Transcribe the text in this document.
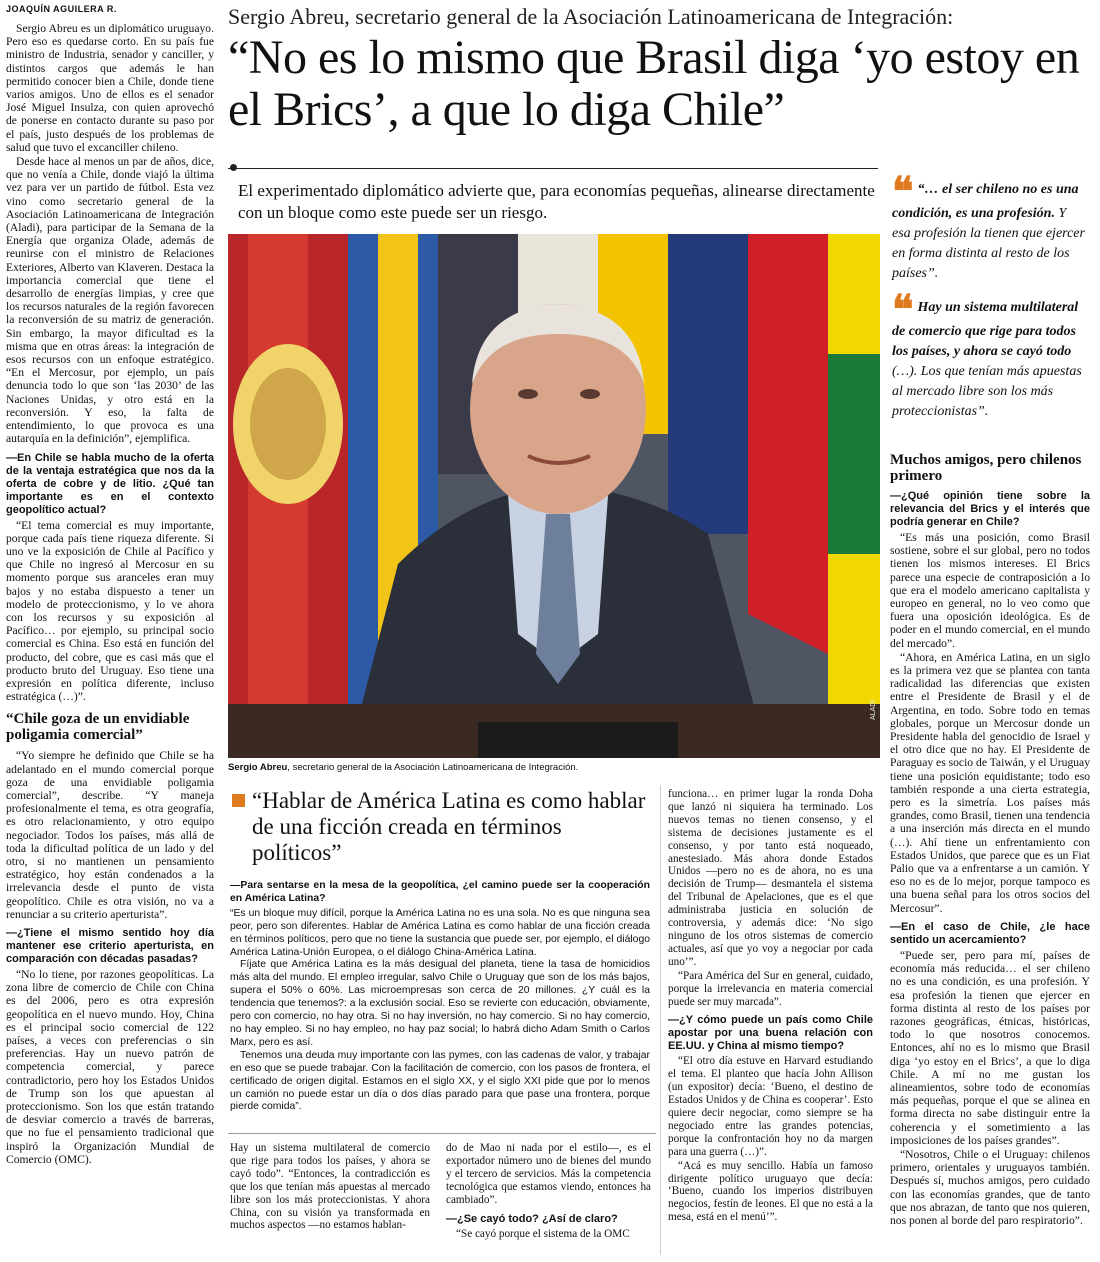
JOAQUÍN AGUILERA R.	Sergio Abreu, secretario general de la Asociación Latinoamericana de Integración:
“No es lo mismo que Brasil diga ‘yo estoy en el Brics’, a que lo diga Chile”
El experimentado diplomático advierte que, para economías pequeñas, alinearse directamente con un bloque como este puede ser un riesgo.

Sergio Abreu es un diplomático uruguayo. Pero eso es quedarse corto. En su país fue ministro de Industria, senador y canciller, y distintos cargos que además le han permitido conocer bien a Chile, donde tiene varios amigos. Uno de ellos es el senador José Miguel Insulza, con quien aprovechó de ponerse en contacto durante su paso por el país, justo después de los problemas de salud que tuvo el excanciller chileno.

Desde hace al menos un par de años, dice, que no venía a Chile, donde viajó la última vez para ver un partido de fútbol. Esta vez vino como secretario general de la Asociación Latinoamericana de Integración (Aladi), para participar de la Semana de la Energía que organiza Olade, además de reunirse con el ministro de Relaciones Exteriores, Alberto van Klaveren. Destaca la importancia comercial que tiene el desarrollo de energías limpias, y cree que los recursos naturales de la región favorecen la reconversión de su matriz de generación. Sin embargo, la mayor dificultad es la misma que en otras áreas: la integración de esos recursos con un enfoque estratégico. “En el Mercosur, por ejemplo, un país denuncia todo lo que son ‘las 2030’ de las Naciones Unidas, y otro está en la reconversión. Y eso, la falta de entendimiento, lo que provoca es una autarquía en la definición”, ejemplifica.

—En Chile se habla mucho de la oferta de la ventaja estratégica que nos da la oferta de cobre y de litio. ¿Qué tan importante es en el contexto geopolítico actual?

“El tema comercial es muy importante, porque cada país tiene riqueza diferente. Si uno ve la exposición de Chile al Pacífico y que Chile no ingresó al Mercosur en su momento porque sus aranceles eran muy bajos y no estaba dispuesto a tener un modelo de proteccionismo, y lo ve ahora con los recursos y su exposición al Pacífico… por ejemplo, su principal socio comercial es China. Eso está en función del producto, del cobre, que es casi más que el producto bruto del Uruguay. Eso tiene una expresión en política diferente, incluso estratégica (…)”.

“Chile goza de un envidiable poligamia comercial”

“Yo siempre he definido que Chile se ha adelantado en el mundo comercial porque goza de una envidiable poligamia comercial”, describe. “Y maneja profesionalmente el tema, es otra geografía, es otro relacionamiento, y otro equipo negociador. Todos los países, más allá de toda la dificultad política de un lado y del otro, si no mantienen un pensamiento estratégico, hoy están condenados a la irrelevancia desde el punto de vista geopolítico. Chile es otra visión, no va a renunciar a su criterio aperturista”.

—¿Tiene el mismo sentido hoy día mantener ese criterio aperturista, en comparación con décadas pasadas?

“No lo tiene, por razones geopolíticas. La zona libre de comercio de Chile con China es del 2006, pero es otra expresión geopolítica en el nuevo mundo. Hoy, China es el principal socio comercial de 122 países, a veces con preferencias o sin preferencias. Hay un nuevo patrón de competencia comercial, y parece contradictorio, pero hoy los Estados Unidos de Trump son los que apuestan al proteccionismo. Son los que están tratando de desviar comercio a través de barreras, que no fue el pensamiento tradicional que inspiró la Organización Mundial de Comercio (OMC).

ALADI
Sergio Abreu, secretario general de la Asociación Latinoamericana de Integración.
❝ “… el ser chileno no es una condición, es una profesión. Y esa profesión la tienen que ejercer en forma distinta al resto de los países”.
❝ Hay un sistema multilateral de comercio que rige para todos los países, y ahora se cayó todo (…). Los que tenían más apuestas al mercado libre son los más proteccionistas”.
Muchos amigos, pero chilenos primero

—¿Qué opinión tiene sobre la relevancia del Brics y el interés que podría generar en Chile?

“Es más una posición, como Brasil sostiene, sobre el sur global, pero no todos tienen los mismos intereses. El Brics parece una especie de contraposición a lo que era el modelo americano capitalista y europeo en general, no lo veo como que fuera una oposición ideológica. Es de poder en el mundo comercial, en el mundo del mercado”.

“Ahora, en América Latina, en un siglo es la primera vez que se plantea con tanta radicalidad las diferencias que existen entre el Presidente de Brasil y el de Argentina, en todo. Sobre todo en temas globales, porque un Mercosur donde un Presidente habla del genocidio de Israel y el otro dice que no hay. El Presidente de Paraguay es socio de Taiwán, y el Uruguay tiene una posición equidistante; todo eso también responde a una cierta estrategia, pero es la simetría. Los países más grandes, como Brasil, tienen una tendencia a una inserción más directa en el mundo (…). Ahí tiene un enfrentamiento con Estados Unidos, que parece que es un Fiat Palio que va a enfrentarse a un camión. Y eso no es de lo mejor, porque tampoco es una buena señal para los otros socios del Mercosur”.

—En el caso de Chile, ¿le hace sentido un acercamiento?

“Puede ser, pero para mí, países de economía más reducida… el ser chileno no es una condición, es una profesión. Y esa profesión la tienen que ejercer en forma distinta al resto de los países por razones geográficas, étnicas, históricas, todo lo que nosotros conocemos. Entonces, ahí no es lo mismo que Brasil diga ‘yo estoy en el Brics’, a que lo diga Chile. A mí no me gustan los alineamientos, sobre todo de economías más pequeñas, porque el que se alinea en forma directa no sabe distinguir entre la coherencia y el sometimiento a las imposiciones de los países grandes”.

“Nosotros, Chile o el Uruguay: chilenos primero, orientales y uruguayos también. Después sí, muchos amigos, pero cuidado con las economías grandes, que de tanto que nos abrazan, de tanto que nos quieren, nos ponen al borde del paro respiratorio”.

“Hablar de América Latina es como hablar de una ficción creada en términos políticos”

—Para sentarse en la mesa de la geopolítica, ¿el camino puede ser la cooperación en América Latina?

“Es un bloque muy difícil, porque la América Latina no es una sola. No es que ninguna sea peor, pero son diferentes. Hablar de América Latina es como hablar de una ficción creada en términos políticos, pero que no tiene la sustancia que puede ser, por ejemplo, el diálogo América Latina-Unión Europea, o el diálogo China-América Latina.

Fíjate que América Latina es la más desigual del planeta, tiene la tasa de homicidios más alta del mundo. El empleo irregular, salvo Chile o Uruguay que son de los más bajos, supera el 50% o 60%. Las microempresas son cerca de 20 millones. ¿Y cuál es la tendencia que tenemos?: a la exclusión social. Eso se revierte con educación, obviamente, pero con comercio, no hay otra. Si no hay inversión, no hay comercio. Si no hay comercio, no hay empleo. Si no hay empleo, no hay paz social; lo habrá dicho Adam Smith o Carlos Marx, pero es así.

Tenemos una deuda muy importante con las pymes, con las cadenas de valor, y trabajar en eso que se puede trabajar. Con la facilitación de comercio, con los pasos de frontera, el certificado de origen digital. Estamos en el siglo XX, y el siglo XXI pide que por lo menos un camión no puede estar un día o dos días parado para que pase una frontera, porque pierde comida”.

Hay un sistema multilateral de comercio que rige para todos los países, y ahora se cayó todo”. “Entonces, la contradicción es que los que tenían más apuestas al mercado libre son los más proteccionistas. Y ahora China, con su visión ya transformada en muchos aspectos —no estamos hablan-

do de Mao ni nada por el estilo—, es el exportador número uno de bienes del mundo y el tercero de servicios. Más la competencia tecnológica que estamos viendo, entonces ha cambiado”.

—¿Se cayó todo? ¿Así de claro?

“Se cayó porque el sistema de la OMC

funciona… en primer lugar la ronda Doha que lanzó ni siquiera ha terminado. Los nuevos temas no tienen consenso, y el sistema de decisiones justamente es el consenso, y por tanto está noqueado, anestesiado. Más ahora donde Estados Unidos —pero no es de ahora, no es una decisión de Trump— desmantela el sistema del Tribunal de Apelaciones, que es el que administraba justicia en solución de controversia, y además dice: ‘No sigo ninguno de los otros sistemas de comercio actuales, así que yo voy a negociar por cada uno’”.

“Para América del Sur en general, cuidado, porque la irrelevancia en materia comercial puede ser muy marcada”.

—¿Y cómo puede un país como Chile apostar por una buena relación con EE.UU. y China al mismo tiempo?

“El otro día estuve en Harvard estudiando el tema. El planteo que hacía John Allison (un expositor) decía: ‘Bueno, el destino de Estados Unidos y de China es cooperar’. Esto quiere decir negociar, como siempre se ha negociado entre las grandes potencias, porque la confrontación hoy no da margen para una guerra (…)”.

“Acá es muy sencillo. Había un famoso dirigente político uruguayo que decía: ‘Bueno, cuando los imperios distribuyen negocios, festín de leones. El que no está a la mesa, está en el menú’”.
